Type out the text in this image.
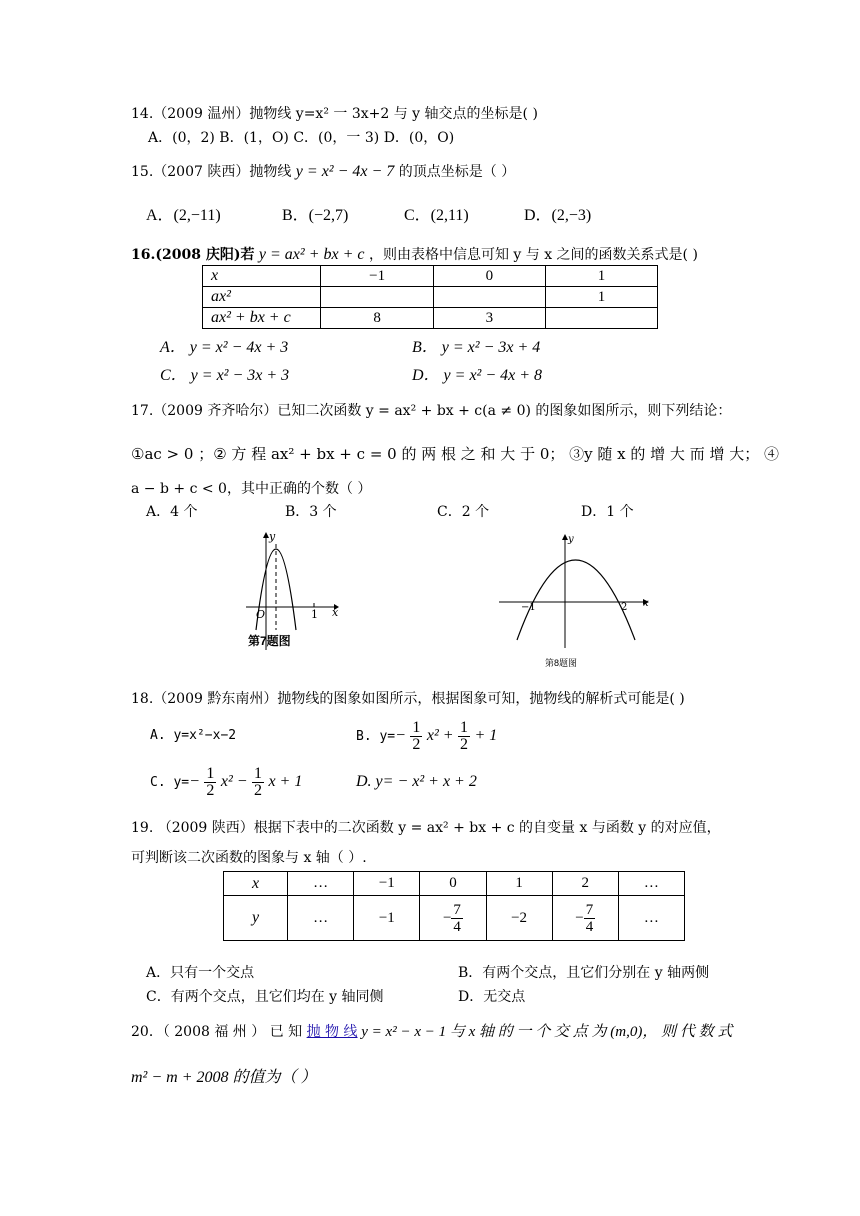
14.（2009 温州）抛物线 y=x² 一 3x+2 与 y 轴交点的坐标是( )
A．(0，2) B．(1，O) C．(0，一 3) D．(0，O)
15.（2007 陕西）抛物线 y = x² − 4x − 7 的顶点坐标是（ ）
A．(2,−11)	B．(−2,7)	C．(2,11)	D．(2,−3)
16.(2008 庆阳)若 y = ax² + bx + c ，则由表格中信息可知 y 与 x 之间的函数关系式是( )
x	−1	0	1
ax²			1
ax² + bx + c	8	3	
A． y = x² − 4x + 3	B． y = x² − 3x + 4
C． y = x² − 3x + 3	D． y = x² − 4x + 8
17.（2009 齐齐哈尔）已知二次函数 y = ax² + bx + c(a ≠ 0) 的图象如图所示，则下列结论：
①ac > 0 ；② 方 程 ax² + bx + c = 0 的 两 根 之 和 大 于 0； ③y 随 x 的 增 大 而 增 大； ④
a − b + c < 0，其中正确的个数（ ）
A．4 个	B．3 个	C．2 个	D．1 个
y
x
O	1
第7题图
y
x
−1	2
第8题图
18.（2009 黔东南州）抛物线的图象如图所示，根据图象可知，抛物线的解析式可能是( )
A. y=x²−x−2	B. $y=- \frac{1}{2} x^2 + \frac{1}{2} + 1$
C. $y=- \frac{1}{2} x^2 - \frac{1}{2}$ x + 1	D. y= − x² + x + 2
19. （2009 陕西）根据下表中的二次函数 y = ax² + bx + c 的自变量 x 与函数 y 的对应值，
可判断该二次函数的图象与 x 轴（ ）.
x	…	−1	0	1	2	…
y	…	−1	− $\frac{7}{4}$	−2	− $\frac{7}{4}$	…
A．只有一个交点	B．有两个交点，且它们分别在 y 轴两侧
C．有两个交点，且它们均在 y 轴同侧	D．无交点
20．（ 2008 福 州 ） 已 知 抛 物 线 y = x² − x − 1 与 x 轴 的 一 个 交 点 为 (m,0)， 则 代 数 式
m² − m + 2008 的值为（ ）
